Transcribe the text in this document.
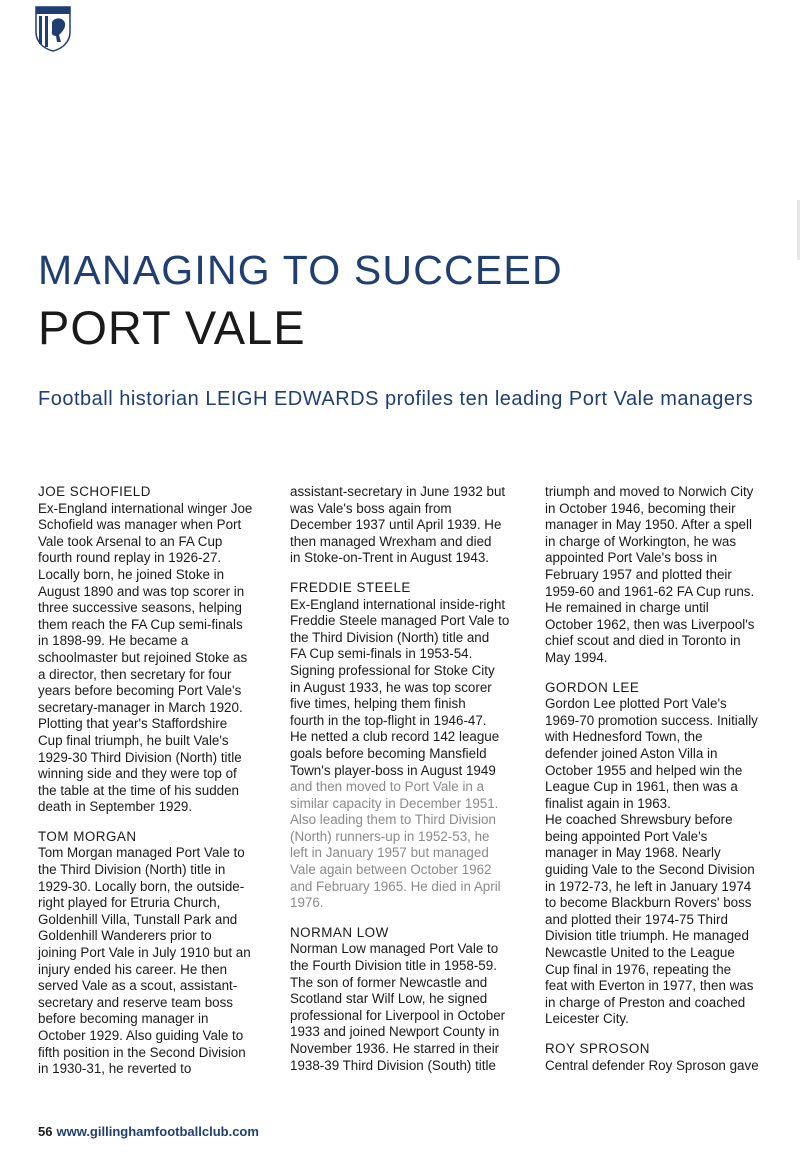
MANAGING TO SUCCEED
PORT VALE
Football historian LEIGH EDWARDS profiles ten leading Port Vale managers
JOE SCHOFIELD
Ex-England international winger Joe
Schofield was manager when Port
Vale took Arsenal to an FA Cup
fourth round replay in 1926-27.
Locally born, he joined Stoke in
August 1890 and was top scorer in
three successive seasons, helping
them reach the FA Cup semi-finals
in 1898-99. He became a
schoolmaster but rejoined Stoke as
a director, then secretary for four
years before becoming Port Vale's
secretary-manager in March 1920.
Plotting that year's Staffordshire
Cup final triumph, he built Vale's
1929-30 Third Division (North) title
winning side and they were top of
the table at the time of his sudden
death in September 1929.
TOM MORGAN
Tom Morgan managed Port Vale to
the Third Division (North) title in
1929-30. Locally born, the outside-
right played for Etruria Church,
Goldenhill Villa, Tunstall Park and
Goldenhill Wanderers prior to
joining Port Vale in July 1910 but an
injury ended his career. He then
served Vale as a scout, assistant-
secretary and reserve team boss
before becoming manager in
October 1929. Also guiding Vale to
fifth position in the Second Division
in 1930-31, he reverted to
assistant-secretary in June 1932 but
was Vale's boss again from
December 1937 until April 1939. He
then managed Wrexham and died
in Stoke-on-Trent in August 1943.
FREDDIE STEELE
Ex-England international inside-right
Freddie Steele managed Port Vale to
the Third Division (North) title and
FA Cup semi-finals in 1953-54.
Signing professional for Stoke City
in August 1933, he was top scorer
five times, helping them finish
fourth in the top-flight in 1946-47.
He netted a club record 142 league
goals before becoming Mansfield
Town's player-boss in August 1949
and then moved to Port Vale in a
similar capacity in December 1951.
Also leading them to Third Division
(North) runners-up in 1952-53, he
left in January 1957 but managed
Vale again between October 1962
and February 1965. He died in April
1976.
NORMAN LOW
Norman Low managed Port Vale to
the Fourth Division title in 1958-59.
The son of former Newcastle and
Scotland star Wilf Low, he signed
professional for Liverpool in October
1933 and joined Newport County in
November 1936. He starred in their
1938-39 Third Division (South) title
triumph and moved to Norwich City
in October 1946, becoming their
manager in May 1950. After a spell
in charge of Workington, he was
appointed Port Vale's boss in
February 1957 and plotted their
1959-60 and 1961-62 FA Cup runs.
He remained in charge until
October 1962, then was Liverpool's
chief scout and died in Toronto in
May 1994.
GORDON LEE
Gordon Lee plotted Port Vale's
1969-70 promotion success. Initially
with Hednesford Town, the
defender joined Aston Villa in
October 1955 and helped win the
League Cup in 1961, then was a
finalist again in 1963.
He coached Shrewsbury before
being appointed Port Vale's
manager in May 1968. Nearly
guiding Vale to the Second Division
in 1972-73, he left in January 1974
to become Blackburn Rovers' boss
and plotted their 1974-75 Third
Division title triumph. He managed
Newcastle United to the League
Cup final in 1976, repeating the
feat with Everton in 1977, then was
in charge of Preston and coached
Leicester City.
ROY SPROSON
Central defender Roy Sproson gave
56 www.gillinghamfootballclub.com
